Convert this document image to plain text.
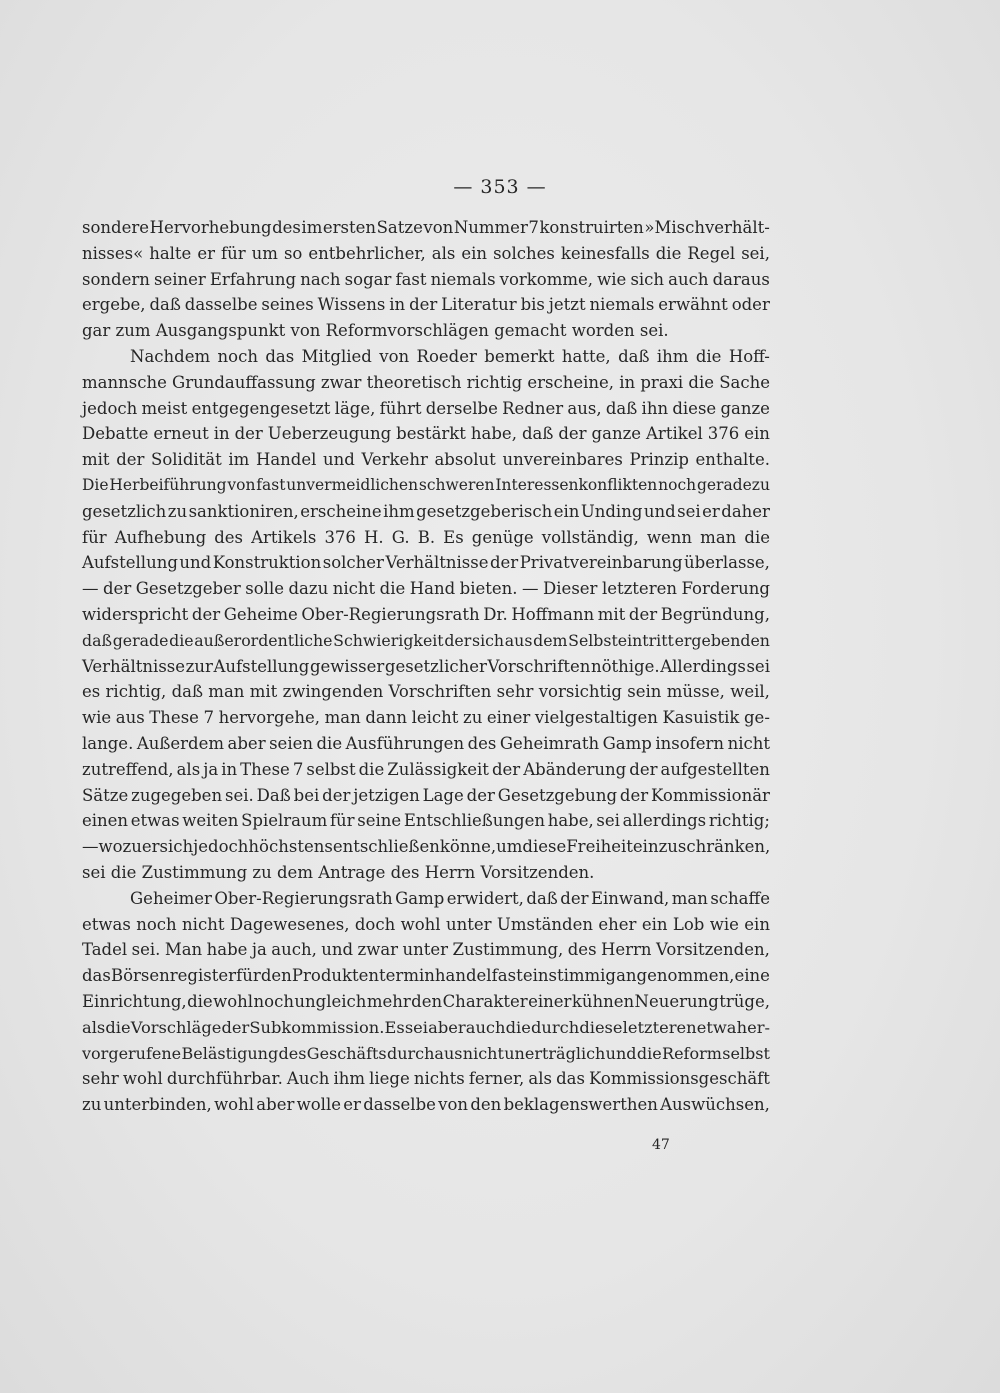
— 353 —
sondere Hervorhebung des im ersten Satze von Nummer 7 konstruirten »Mischverhält-
nisses« halte er für um so entbehrlicher, als ein solches keinesfalls die Regel sei,
sondern seiner Erfahrung nach sogar fast niemals vorkomme, wie sich auch daraus
ergebe, daß dasselbe seines Wissens in der Literatur bis jetzt niemals erwähnt oder
gar zum Ausgangspunkt von Reformvorschlägen gemacht worden sei.
Nachdem noch das Mitglied von Roeder bemerkt hatte, daß ihm die Hoff-
mannsche Grundauffassung zwar theoretisch richtig erscheine, in praxi die Sache
jedoch meist entgegengesetzt läge, führt derselbe Redner aus, daß ihn diese ganze
Debatte erneut in der Ueberzeugung bestärkt habe, daß der ganze Artikel 376 ein
mit der Solidität im Handel und Verkehr absolut unvereinbares Prinzip enthalte.
Die Herbeiführung von fast unvermeidlichen schweren Interessenkonflikten noch geradezu
gesetzlich zu sanktioniren, erscheine ihm gesetzgeberisch ein Unding und sei er daher
für Aufhebung des Artikels 376 H. G. B. Es genüge vollständig, wenn man die
Aufstellung und Konstruktion solcher Verhältnisse der Privatvereinbarung überlasse,
— der Gesetzgeber solle dazu nicht die Hand bieten. — Dieser letzteren Forderung
widerspricht der Geheime Ober-Regierungsrath Dr. Hoffmann mit der Begründung,
daß gerade die außerordentliche Schwierigkeit der sich aus dem Selbsteintritt ergebenden
Verhältnisse zur Aufstellung gewisser gesetzlicher Vorschriften nöthige. Allerdings sei
es richtig, daß man mit zwingenden Vorschriften sehr vorsichtig sein müsse, weil,
wie aus These 7 hervorgehe, man dann leicht zu einer vielgestaltigen Kasuistik ge-
lange. Außerdem aber seien die Ausführungen des Geheimrath Gamp insofern nicht
zutreffend, als ja in These 7 selbst die Zulässigkeit der Abänderung der aufgestellten
Sätze zugegeben sei. Daß bei der jetzigen Lage der Gesetzgebung der Kommissionär
einen etwas weiten Spielraum für seine Entschließungen habe, sei allerdings richtig;
— wozu er sich jedoch höchstens entschließen könne, um diese Freiheit einzuschränken,
sei die Zustimmung zu dem Antrage des Herrn Vorsitzenden.
Geheimer Ober-Regierungsrath Gamp erwidert, daß der Einwand, man schaffe
etwas noch nicht Dagewesenes, doch wohl unter Umständen eher ein Lob wie ein
Tadel sei. Man habe ja auch, und zwar unter Zustimmung, des Herrn Vorsitzenden,
das Börsenregister für den Produktenterminhandel fast einstimmig angenommen, eine
Einrichtung, die wohl noch ungleich mehr den Charakter einer kühnen Neuerung trüge,
als die Vorschläge der Subkommission. Es sei aber auch die durch diese letzteren etwa her-
vorgerufene Belästigung des Geschäfts durchaus nicht unerträglich und die Reform selbst
sehr wohl durchführbar. Auch ihm liege nichts ferner, als das Kommissionsgeschäft
zu unterbinden, wohl aber wolle er dasselbe von den beklagenswerthen Auswüchsen,
47
